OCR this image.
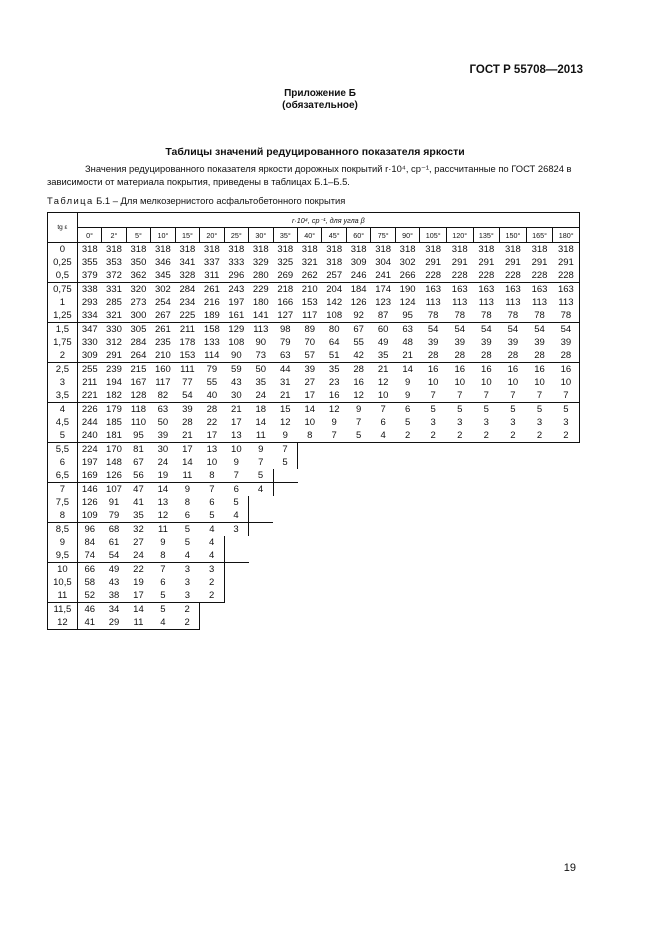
ГОСТ Р 55708—2013
Приложение Б
(обязательное)
Таблицы значений редуцированного показателя яркости
Значения редуцированного показателя яркости дорожных покрытий r·10⁴, ср⁻¹, рассчитанные по ГОСТ 26824 в зависимости от материала покрытия, приведены в таблицах Б.1–Б.5.
Таблица Б.1 – Для мелкозернистого асфальтобетонного покрытия
tg ε	r·10⁴, ср⁻¹, для угла β																			
	0°	2°	5°	10°	15°	20°	25°	30°	35°	40°	45°	60°	75°	90°	105°	120°	135°	150°	165°	180°
0	318	318	318	318	318	318	318	318	318	318	318	318	318	318	318	318	318	318	318	318
0,25	355	353	350	346	341	337	333	329	325	321	318	309	304	302	291	291	291	291	291	291
0,5	379	372	362	345	328	311	296	280	269	262	257	246	241	266	228	228	228	228	228	228
0,75	338	331	320	302	284	261	243	229	218	210	204	184	174	190	163	163	163	163	163	163
1	293	285	273	254	234	216	197	180	166	153	142	126	123	124	113	113	113	113	113	113
1,25	334	321	300	267	225	189	161	141	127	117	108	92	87	95	78	78	78	78	78	78
1,5	347	330	305	261	211	158	129	113	98	89	80	67	60	63	54	54	54	54	54	54
1,75	330	312	284	235	178	133	108	90	79	70	64	55	49	48	39	39	39	39	39	39
2	309	291	264	210	153	114	90	73	63	57	51	42	35	21	28	28	28	28	28	28
2,5	255	239	215	160	111	79	59	50	44	39	35	28	21	14	16	16	16	16	16	16
3	211	194	167	117	77	55	43	35	31	27	23	16	12	9	10	10	10	10	10	10
3,5	221	182	128	82	54	40	30	24	21	17	16	12	10	9	7	7	7	7	7	7
4	226	179	118	63	39	28	21	18	15	14	12	9	7	6	5	5	5	5	5	5
4,5	244	185	110	50	28	22	17	14	12	10	9	7	6	5	3	3	3	3	3	3
5	240	181	95	39	21	17	13	11	9	8	7	5	4	2	2	2	2	2	2	2
5,5	224	170	81	30	17	13	10	9	7											
6	197	148	67	24	14	10	9	7	5											
6,5	169	126	56	19	11	8	7	5												
7	146	107	47	14	9	7	6	4												
7,5	126	91	41	13	8	6	5													
8	109	79	35	12	6	5	4													
8,5	96	68	32	11	5	4	3													
9	84	61	27	9	5	4														
9,5	74	54	24	8	4	4														
10	66	49	22	7	3	3														
10,5	58	43	19	6	3	2														
11	52	38	17	5	3	2														
11,5	46	34	14	5	2															
12	41	29	11	4	2															
19
